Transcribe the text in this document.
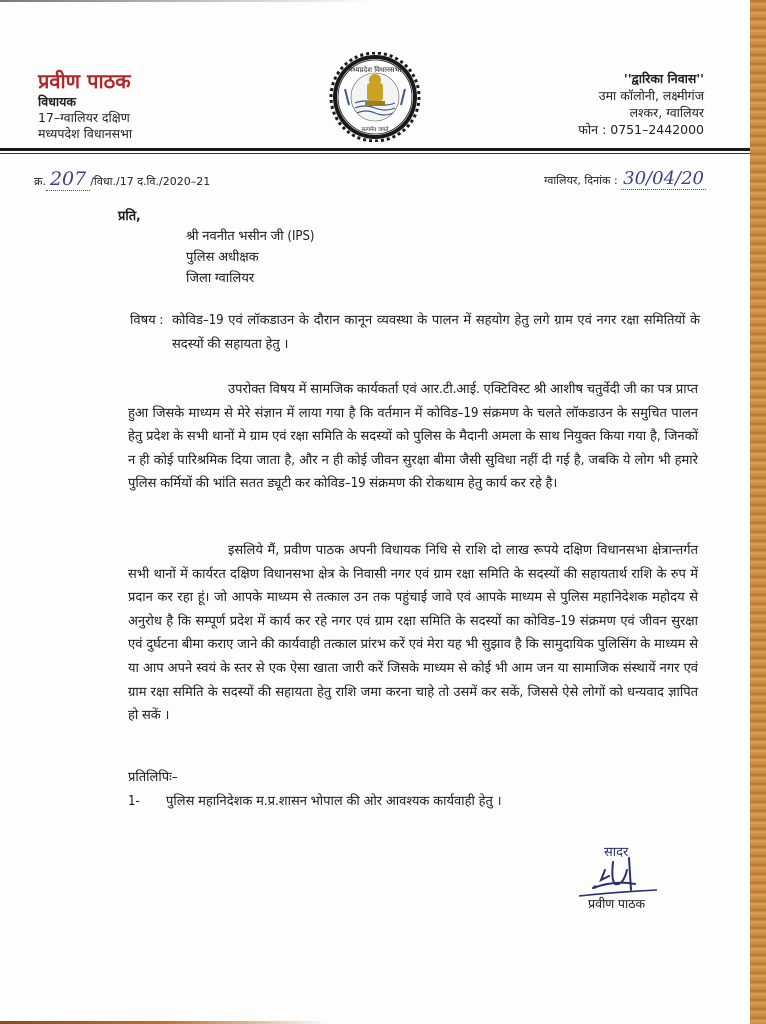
प्रवीण पाठक
विधायक
17–ग्वालियर दक्षिण
मध्यपदेश विधानसभा
मध्यप्रदेश विधानसभा
सत्यमेव जयते
''द्वारिका निवास''
उमा कॉलोनी, लक्ष्मीगंज
लश्कर, ग्वालियर
फोन : 0751–2442000
क्र. 207 /विधा./17 द.वि./2020–21	ग्वालियर, दिनांक : 30/04/20
प्रति,
श्री नवनीत भसीन जी (IPS)
पुलिस अधीक्षक
जिला ग्वालियर
विषय : कोविड–19 एवं लॉकडाउन के दौरान कानून व्यवस्था के पालन में सहयोग हेतु लगे ग्राम एवं नगर रक्षा समितियों के सदस्यों की सहायता हेतु ।
उपरोक्त विषय में सामजिक कार्यकर्ता एवं आर.टी.आई. एक्टिविस्ट श्री आशीष चतुर्वेदी जी का पत्र प्राप्त हुआ जिसके माध्यम से मेरे संज्ञान में लाया गया है कि वर्तमान में कोविड–19 संक्रमण के चलते लॉकडाउन के समुचित पालन हेतु प्रदेश के सभी थानों मे ग्राम एवं रक्षा समिति के सदस्यों को पुलिस के मैदानी अमला के साथ नियुक्त किया गया है, जिनकों न ही कोई पारिश्रमिक दिया जाता है, और न ही कोई जीवन सुरक्षा बीमा जैसी सुविधा नहीं दी गई है, जबकि ये लोग भी हमारे पुलिस कर्मियों की भांति सतत ड्यूटी कर कोविड–19 संक्रमण की रोकथाम हेतु कार्य कर रहे है।
इसलिये मैं, प्रवीण पाठक अपनी विधायक निधि से राशि दो लाख रूपये दक्षिण विधानसभा क्षेत्रान्तर्गत सभी थानों में कार्यरत दक्षिण विधानसभा क्षेत्र के निवासी नगर एवं ग्राम रक्षा समिति के सदस्यों की सहायतार्थ राशि के रुप में प्रदान कर रहा हूं। जो आपके माध्यम से तत्काल उन तक पहुंचाई जावे एवं आपके माध्यम से पुलिस महानिदेशक महोदय से अनुरोध है कि सम्पूर्ण प्रदेश में कार्य कर रहे नगर एवं ग्राम रक्षा समिति के सदस्यों का कोविड–19 संक्रमण एवं जीवन सुरक्षा एवं दुर्घटना बीमा कराए जाने की कार्यवाही तत्काल प्रांरभ करें एवं मेरा यह भी सुझाव है कि सामुदायिक पुलिसिंग के माध्यम से या आप अपने स्वयं के स्तर से एक ऐसा खाता जारी करें जिसके माध्यम से कोई भी आम जन या सामाजिक संस्थायें नगर एवं ग्राम रक्षा समिति के सदस्यों की सहायता हेतु राशि जमा करना चाहे तो उसमें कर सकें, जिससे ऐसे लोगों को धन्यवाद ज्ञापित हो सकें ।
प्रतिलिपिः–
1- पुलिस महानिदेशक म.प्र.शासन भोपाल की ओर आवश्यक कार्यवाही हेतु ।
सादर
प्रवीण पाठक
